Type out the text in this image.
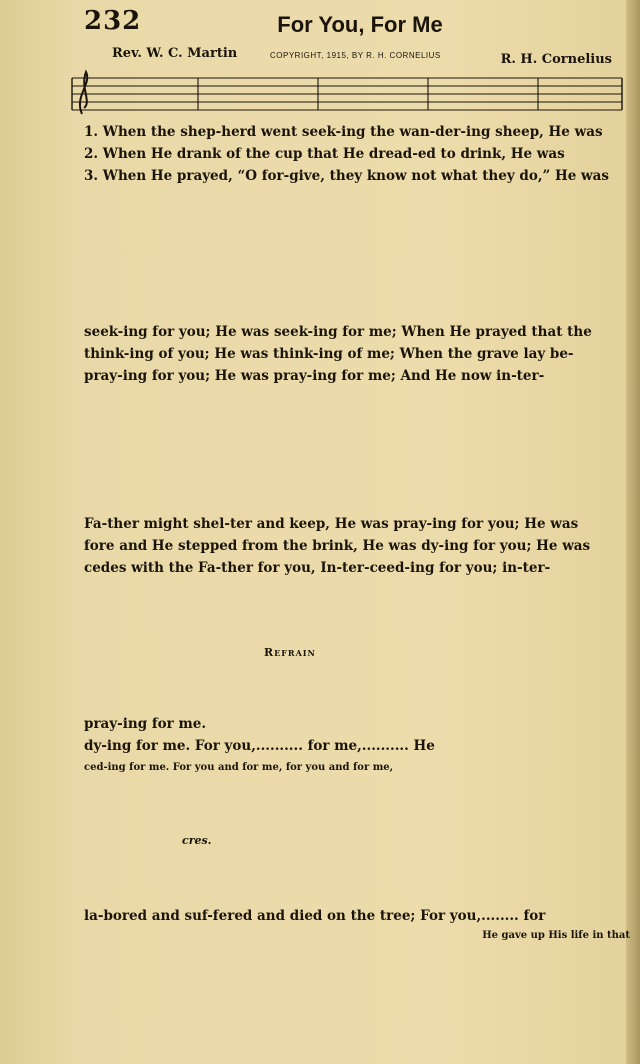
232	For You, For Me
Rev. W. C. Martin	COPYRIGHT, 1915, BY R. H. CORNELIUS	R. H. Cornelius
1. When the shep-herd went seek-ing the wan-der-ing sheep, He was
2. When He drank of the cup that He dread-ed to drink, He was
3. When He prayed, “O for-give, they know not what they do,” He was
seek-ing for you; He was seek-ing for me; When He prayed that the
think-ing of you; He was think-ing of me; When the grave lay be-
pray-ing for you; He was pray-ing for me; And He now in-ter-
Fa-ther might shel-ter and keep, He was pray-ing for you; He was
fore and He stepped from the brink, He was dy-ing for you; He was
cedes with the Fa-ther for you, In-ter-ceed-ing for you; in-ter-
Refrain
pray-ing for me.
dy-ing for me. For you,.......... for me,.......... He
ced-ing for me. For you and for me, for you and for me,
cres.
la-bored and suf-fered and died on the tree; For you,........ for
He gave up His life in that
